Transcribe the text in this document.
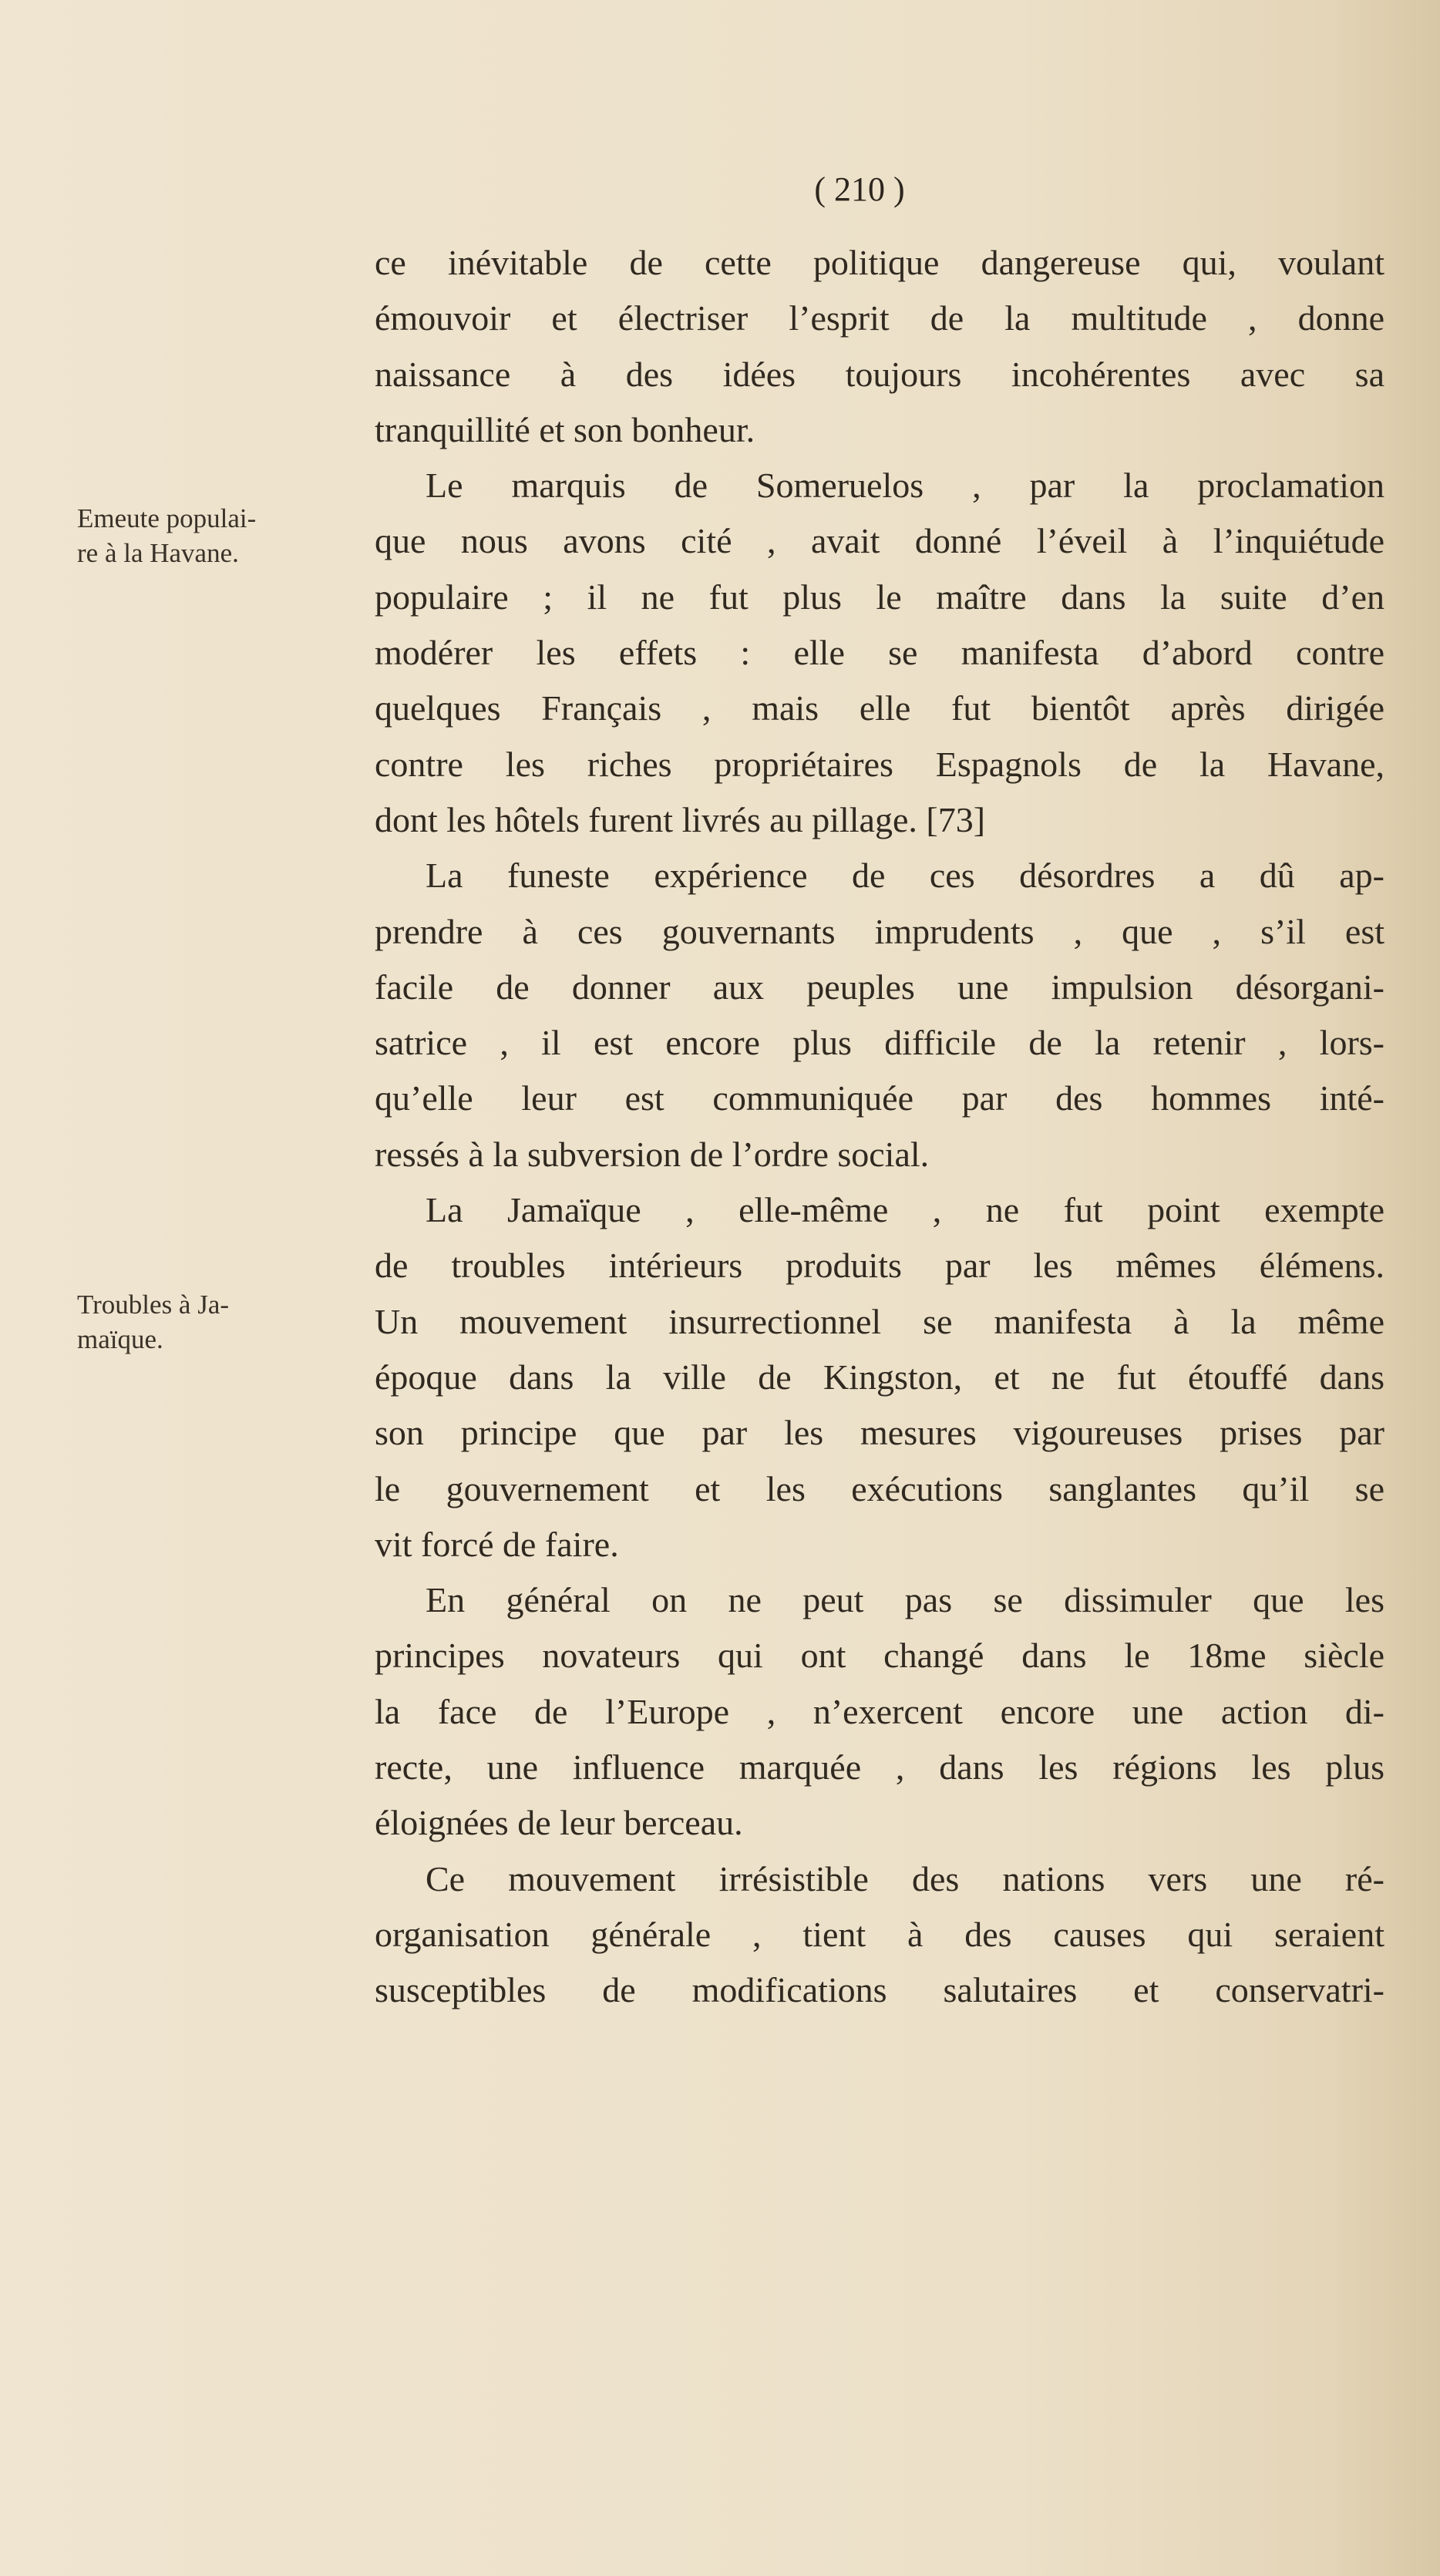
( 210 )
Emeute populai-
re à la Havane.
Troubles à Ja-
maïque.
ce inévitable de cette politique dangereuse qui, voulant
émouvoir et électriser l’esprit de la multitude , donne
naissance à des idées toujours incohérentes avec sa
tranquillité et son bonheur.
Le marquis de Someruelos , par la proclamation
que nous avons cité , avait donné l’éveil à l’inquiétude
populaire ; il ne fut plus le maître dans la suite d’en
modérer les effets : elle se manifesta d’abord contre
quelques Français , mais elle fut bientôt après dirigée
contre les riches propriétaires Espagnols de la Havane,
dont les hôtels furent livrés au pillage. [73]
La funeste expérience de ces désordres a dû ap-
prendre à ces gouvernants imprudents , que , s’il est
facile de donner aux peuples une impulsion désorgani-
satrice , il est encore plus difficile de la retenir , lors-
qu’elle leur est communiquée par des hommes inté-
ressés à la subversion de l’ordre social.
La Jamaïque , elle-même , ne fut point exempte
de troubles intérieurs produits par les mêmes élémens.
Un mouvement insurrectionnel se manifesta à la même
époque dans la ville de Kingston, et ne fut étouffé dans
son principe que par les mesures vigoureuses prises par
le gouvernement et les exécutions sanglantes qu’il se
vit forcé de faire.
En général on ne peut pas se dissimuler que les
principes novateurs qui ont changé dans le 18me siècle
la face de l’Europe , n’exercent encore une action di-
recte, une influence marquée , dans les régions les plus
éloignées de leur berceau.
Ce mouvement irrésistible des nations vers une ré-
organisation générale , tient à des causes qui seraient
susceptibles de modifications salutaires et conservatri-
